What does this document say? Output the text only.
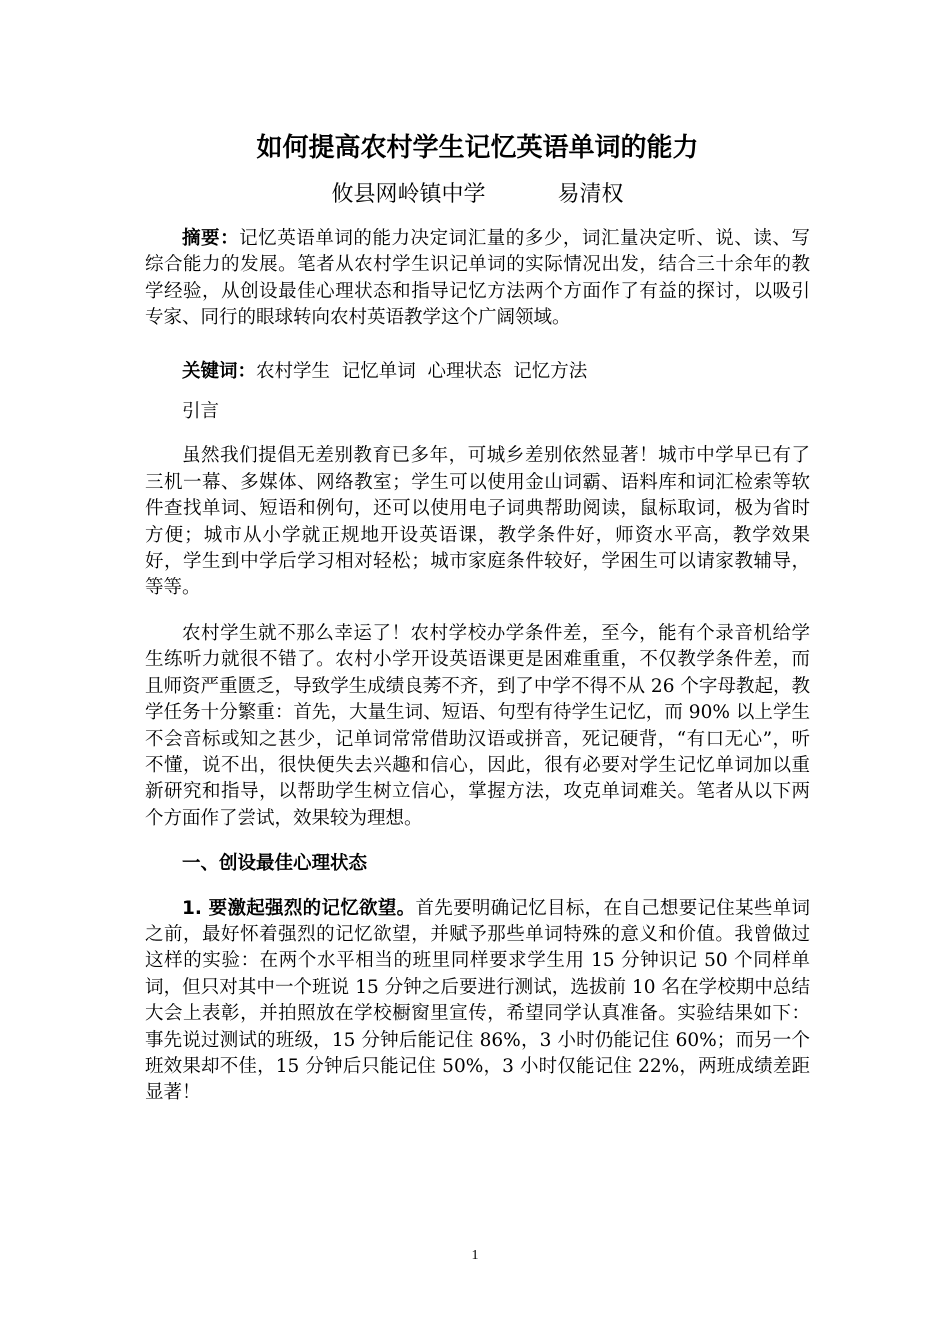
如何提高农村学生记忆英语单词的能力
攸县网岭镇中学	易清权

摘要：记忆英语单词的能力决定词汇量的多少，词汇量决定听、说、读、写综合能力的发展。笔者从农村学生识记单词的实际情况出发，结合三十余年的教学经验，从创设最佳心理状态和指导记忆方法两个方面作了有益的探讨，以吸引专家、同行的眼球转向农村英语教学这个广阔领域。

关键词：农村学生  记忆单词  心理状态  记忆方法

引言

虽然我们提倡无差别教育已多年，可城乡差别依然显著！城市中学早已有了三机一幕、多媒体、网络教室；学生可以使用金山词霸、语料库和词汇检索等软件查找单词、短语和例句，还可以使用电子词典帮助阅读，鼠标取词，极为省时方便；城市从小学就正规地开设英语课，教学条件好，师资水平高，教学效果好，学生到中学后学习相对轻松；城市家庭条件较好，学困生可以请家教辅导，等等。

农村学生就不那么幸运了！农村学校办学条件差，至今，能有个录音机给学生练听力就很不错了。农村小学开设英语课更是困难重重，不仅教学条件差，而且师资严重匮乏，导致学生成绩良莠不齐，到了中学不得不从 26 个字母教起，教学任务十分繁重：首先，大量生词、短语、句型有待学生记忆，而 90% 以上学生不会音标或知之甚少，记单词常常借助汉语或拼音，死记硬背，“有口无心”，听不懂，说不出，很快便失去兴趣和信心，因此，很有必要对学生记忆单词加以重新研究和指导，以帮助学生树立信心，掌握方法，攻克单词难关。笔者从以下两个方面作了尝试，效果较为理想。

一、创设最佳心理状态

1. 要激起强烈的记忆欲望。首先要明确记忆目标，在自己想要记住某些单词之前，最好怀着强烈的记忆欲望，并赋予那些单词特殊的意义和价值。我曾做过这样的实验：在两个水平相当的班里同样要求学生用 15 分钟识记 50 个同样单词，但只对其中一个班说 15 分钟之后要进行测试，选拔前 10 名在学校期中总结大会上表彰，并拍照放在学校橱窗里宣传，希望同学认真准备。实验结果如下：事先说过测试的班级，15 分钟后能记住 86%，3 小时仍能记住 60%；而另一个班效果却不佳，15 分钟后只能记住 50%，3 小时仅能记住 22%，两班成绩差距显著！

1
